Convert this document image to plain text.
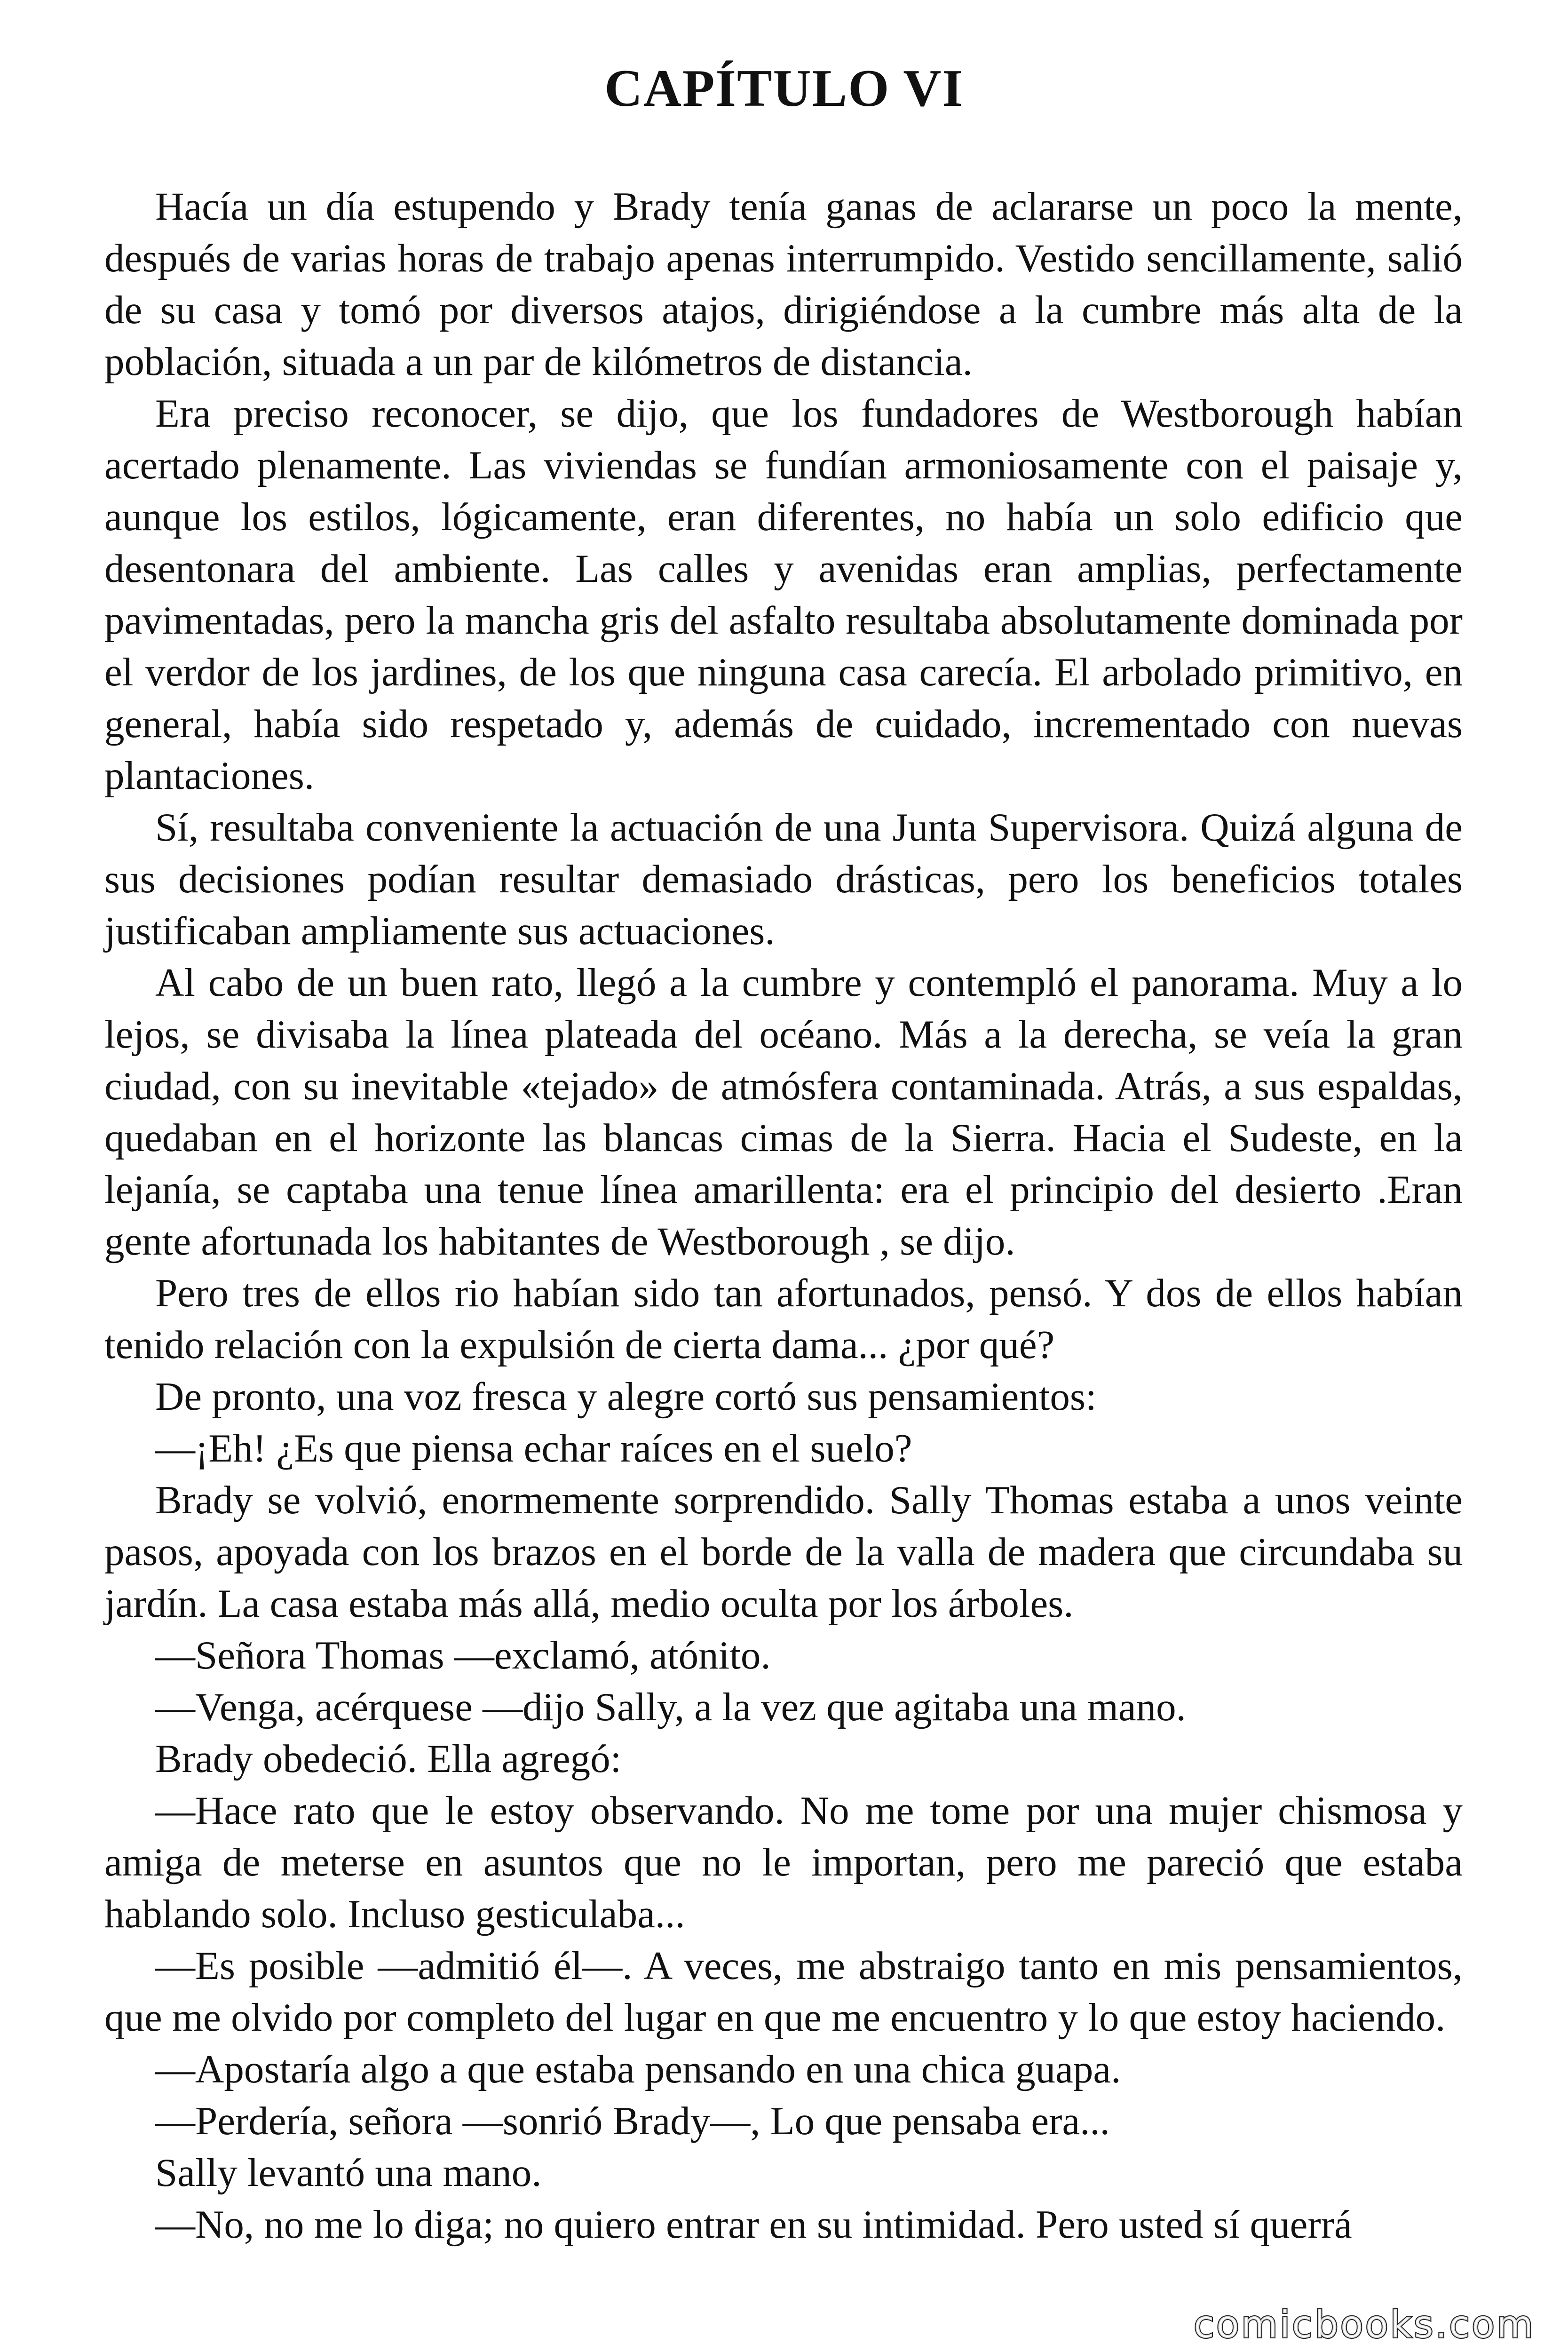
CAPÍTULO VI

Hacía un día estupendo y Brady tenía ganas de aclararse un poco la mente, después de varias horas de trabajo apenas interrumpido. Vestido sencillamente, salió de su casa y tomó por diversos atajos, dirigiéndose a la cumbre más alta de la población, situada a un par de kilómetros de distancia.

Era preciso reconocer, se dijo, que los fundadores de Westborough habían acertado plenamente. Las viviendas se fundían armoniosamente con el paisaje y, aunque los estilos, lógicamente, eran diferentes, no había un solo edificio que desentonara del ambiente. Las calles y avenidas eran amplias, perfectamente pavimentadas, pero la mancha gris del asfalto resultaba absolutamente dominada por el verdor de los jardines, de los que ninguna casa carecía. El arbolado primitivo, en general, había sido respetado y, además de cuidado, incrementado con nuevas plantaciones.

Sí, resultaba conveniente la actuación de una Junta Supervisora. Quizá alguna de sus decisiones podían resultar demasiado drásticas, pero los beneficios totales justificaban ampliamente sus actuaciones.

Al cabo de un buen rato, llegó a la cumbre y contempló el panorama. Muy a lo lejos, se divisaba la línea plateada del océano. Más a la derecha, se veía la gran ciudad, con su inevitable «tejado» de atmósfera contaminada. Atrás, a sus espaldas, quedaban en el horizonte las blancas cimas de la Sierra. Hacia el Sudeste, en la lejanía, se captaba una tenue línea amarillenta: era el principio del desierto .Eran gente afortunada los habitantes de Westborough , se dijo.

Pero tres de ellos rio habían sido tan afortunados, pensó. Y dos de ellos habían tenido relación con la expulsión de cierta dama... ¿por qué?

De pronto, una voz fresca y alegre cortó sus pensamientos:

—¡Eh! ¿Es que piensa echar raíces en el suelo?

Brady se volvió, enormemente sorprendido. Sally Thomas estaba a unos veinte pasos, apoyada con los brazos en el borde de la valla de madera que circundaba su jardín. La casa estaba más allá, medio oculta por los árboles.

—Señora Thomas —exclamó, atónito.

—Venga, acérquese —dijo Sally, a la vez que agitaba una mano.

Brady obedeció. Ella agregó:

—Hace rato que le estoy observando. No me tome por una mujer chismosa y amiga de meterse en asuntos que no le importan, pero me pareció que estaba hablando solo. Incluso gesticulaba...

—Es posible —admitió él—. A veces, me abstraigo tanto en mis pensamientos, que me olvido por completo del lugar en que me encuentro y lo que estoy haciendo.

—Apostaría algo a que estaba pensando en una chica guapa.

—Perdería, señora —sonrió Brady—, Lo que pensaba era...

Sally levantó una mano.

—No, no me lo diga; no quiero entrar en su intimidad. Pero usted sí querrá

comicbooks.com
